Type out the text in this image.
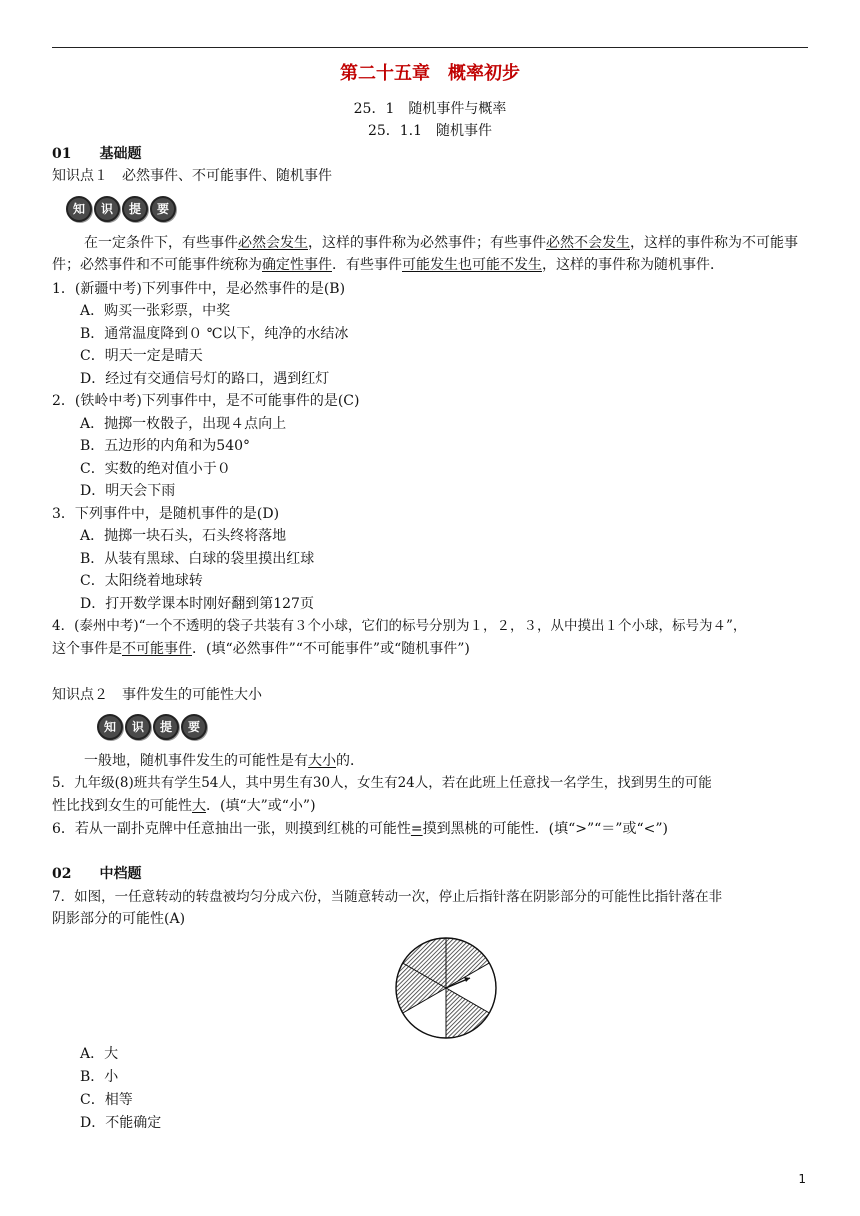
第二十五章　概率初步
25．1　随机事件与概率
25．1.1　随机事件
01　　基础题
知识点１　必然事件、不可能事件、随机事件
知	识	提	要
在一定条件下，有些事件必然会发生，这样的事件称为必然事件；有些事件必然不会发生，这样的事件称为不可能事件；必然事件和不可能事件统称为确定性事件．有些事件可能发生也可能不发生，这样的事件称为随机事件．
1．(新疆中考)下列事件中，是必然事件的是(B)
A．购买一张彩票，中奖
B．通常温度降到０ ℃以下，纯净的水结冰
C．明天一定是晴天
D．经过有交通信号灯的路口，遇到红灯
2．(铁岭中考)下列事件中，是不可能事件的是(C)
A．抛掷一枚骰子，出现４点向上
B．五边形的内角和为540°
C．实数的绝对值小于０
D．明天会下雨
3．下列事件中，是随机事件的是(D)
A．抛掷一块石头，石头终将落地
B．从装有黑球、白球的袋里摸出红球
C．太阳绕着地球转
D．打开数学课本时刚好翻到第127页
4．(泰州中考)“一个不透明的袋子共装有３个小球，它们的标号分别为１，２，３，从中摸出１个小球，标号为４”，
这个事件是不可能事件．(填“必然事件”“不可能事件”或“随机事件”)
知识点２　事件发生的可能性大小
知	识	提	要
一般地，随机事件发生的可能性是有大小的．
5．九年级(8)班共有学生54人，其中男生有30人，女生有24人，若在此班上任意找一名学生，找到男生的可能
性比找到女生的可能性大．(填“大”或“小”)
6．若从一副扑克牌中任意抽出一张，则摸到红桃的可能性=摸到黑桃的可能性．(填“>”“＝”或“<”)
02　　中档题
7．如图，一任意转动的转盘被均匀分成六份，当随意转动一次，停止后指针落在阴影部分的可能性比指针落在非
阴影部分的可能性(A)
A．大
B．小
C．相等
D．不能确定
1
